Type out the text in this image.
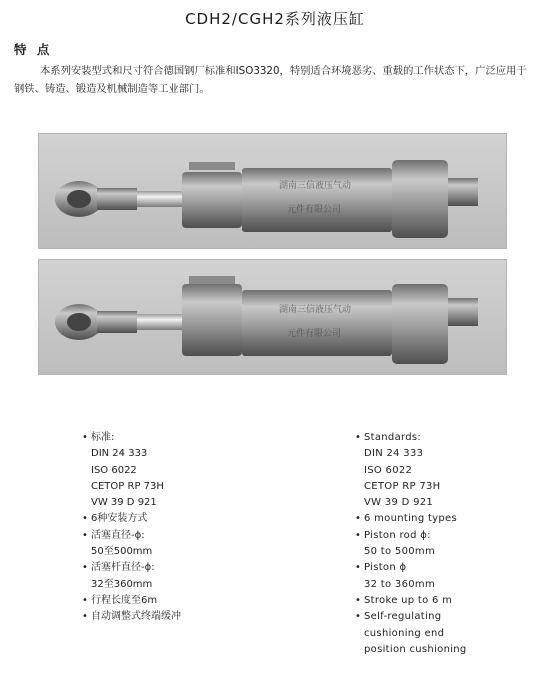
CDH2/CGH2系列液压缸
特 点
本系列安装型式和尺寸符合德国钢厂标准和ISO3320，特别适合环境恶劣、重载的工作状态下，广泛应用于钢铁、铸造、锻造及机械制造等工业部门。
湖南三信液压气动
元件有限公司
湖南三信液压气动
元件有限公司
• 标准:
DIN 24 333
ISO 6022
CETOP RP 73H
VW 39 D 921
• 6种安装方式
• 活塞直径-ϕ:
50至500mm
• 活塞杆直径-ϕ:
32至360mm
• 行程长度至6m
• 自动调整式终端缓冲
• Standards:
DIN 24 333
ISO 6022
CETOP RP 73H
VW 39 D 921
• 6 mounting types
• Piston rod ϕ:
50 to 500mm
• Piston ϕ
32 to 360mm
• Stroke up to 6 m
• Self-regulating
cushioning end
position cushioning
